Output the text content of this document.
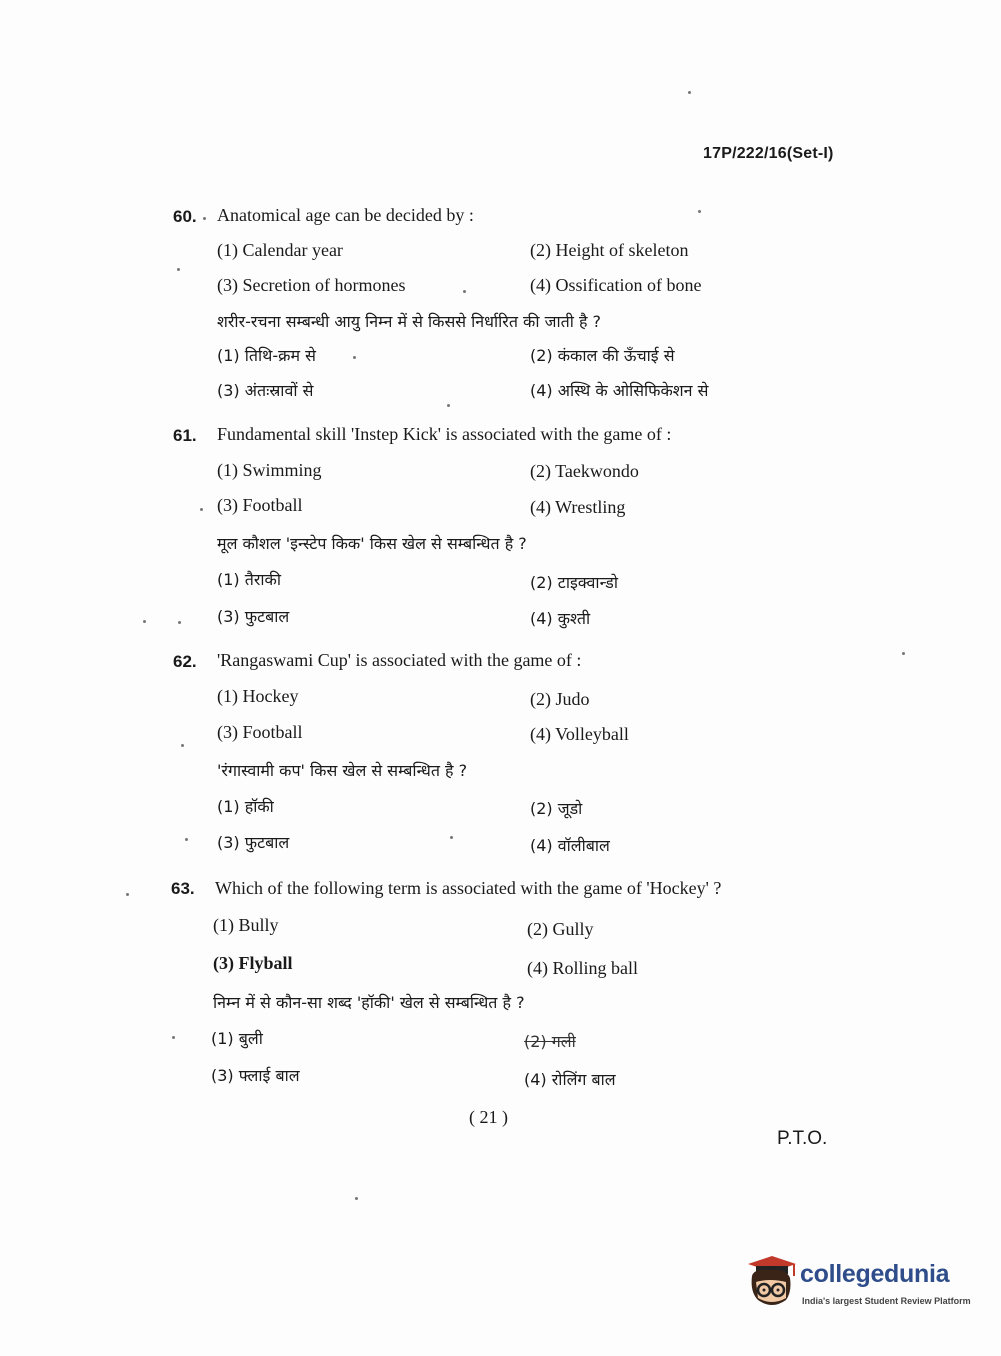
17P/222/16(Set-I)
60. Anatomical age can be decided by :
(1) Calendar year	(2) Height of skeleton
(3) Secretion of hormones	(4) Ossification of bone
शरीर-रचना सम्बन्धी आयु निम्न में से किससे निर्धारित की जाती है ?
(1) तिथि-क्रम से	(2) कंकाल की ऊँचाई से
(3) अंतःस्रावों से	(4) अस्थि के ओसिफिकेशन से
61. Fundamental skill 'Instep Kick' is associated with the game of :
(1) Swimming	(2) Taekwondo
(3) Football	(4) Wrestling
मूल कौशल 'इन्स्टेप किक' किस खेल से सम्बन्धित है ?
(1) तैराकी	(2) टाइक्वान्डो
(3) फुटबाल	(4) कुश्ती
62. 'Rangaswami Cup' is associated with the game of :
(1) Hockey	(2) Judo
(3) Football	(4) Volleyball
'रंगास्वामी कप' किस खेल से सम्बन्धित है ?
(1) हॉकी	(2) जूडो
(3) फुटबाल	(4) वॉलीबाल
63. Which of the following term is associated with the game of 'Hockey' ?
(1) Bully	(2) Gully
(3) Flyball	(4) Rolling ball
निम्न में से कौन-सा शब्द 'हॉकी' खेल से सम्बन्धित है ?
(1) बुली	(2) गली
(3) फ्लाई बाल	(4) रोलिंग बाल
( 21 )
P.T.O.
collegedunia
India's largest Student Review Platform
